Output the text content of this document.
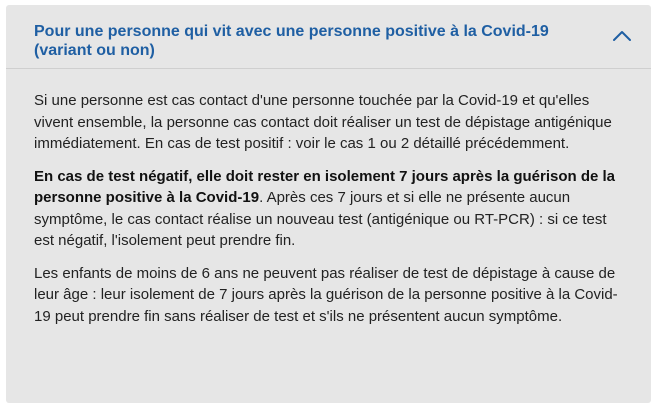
Pour une personne qui vit avec une personne positive à la Covid-19 (variant ou non)

Si une personne est cas contact d'une personne touchée par la Covid-19 et qu'elles vivent ensemble, la personne cas contact doit réaliser un test de dépistage antigénique immédiatement. En cas de test positif : voir le cas 1 ou 2 détaillé précédemment.

En cas de test négatif, elle doit rester en isolement 7 jours après la guérison de la personne positive à la Covid-19. Après ces 7 jours et si elle ne présente aucun symptôme, le cas contact réalise un nouveau test (antigénique ou RT-PCR) : si ce test est négatif, l'isolement peut prendre fin.

Les enfants de moins de 6 ans ne peuvent pas réaliser de test de dépistage à cause de leur âge : leur isolement de 7 jours après la guérison de la personne positive à la Covid-19 peut prendre fin sans réaliser de test et s'ils ne présentent aucun symptôme.
